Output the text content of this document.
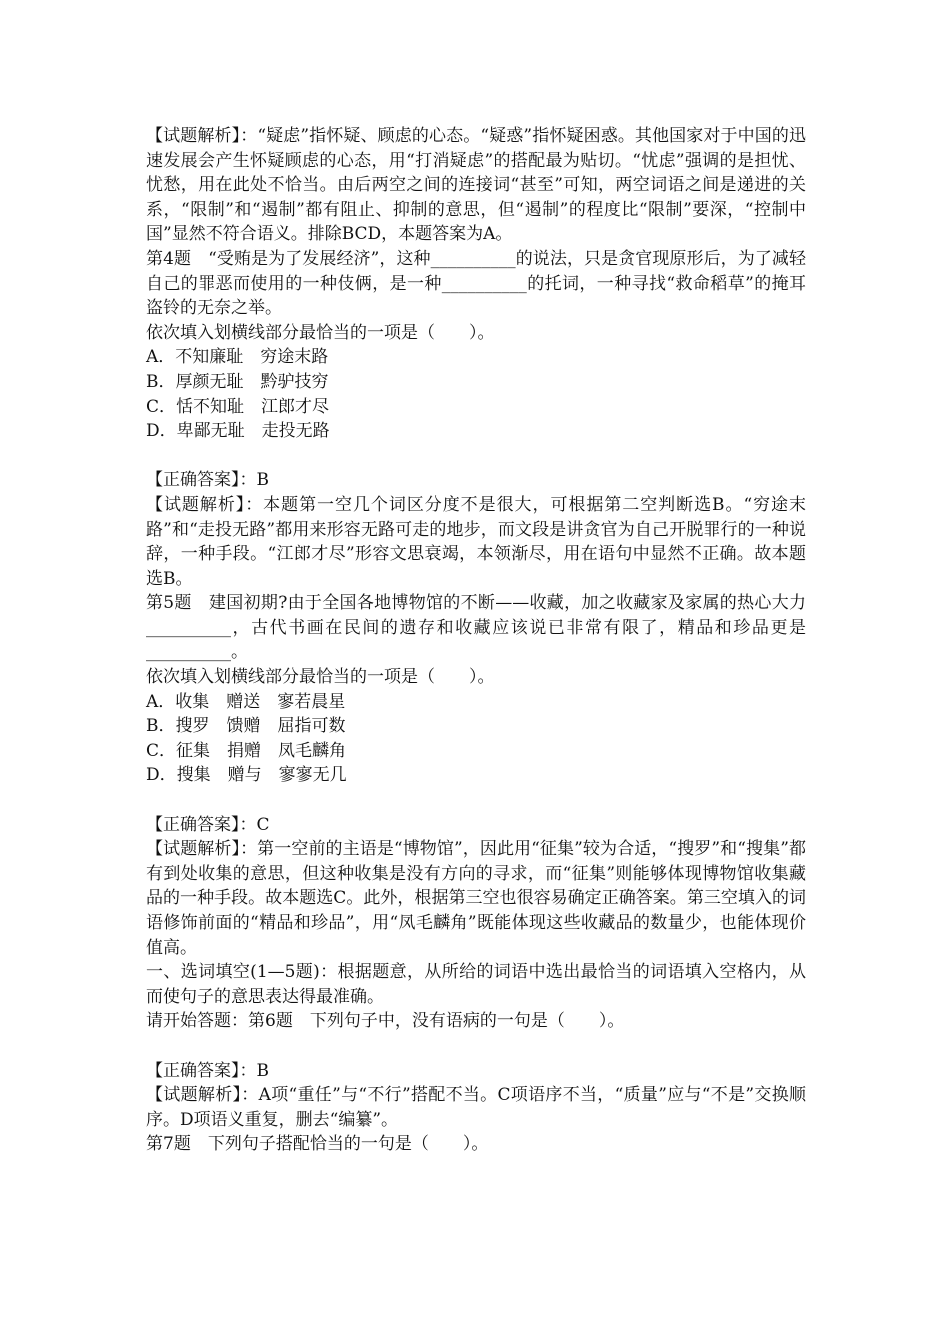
【试题解析】：“疑虑”指怀疑、顾虑的心态。“疑惑”指怀疑困惑。其他国家对于中国的迅速发展会产生怀疑顾虑的心态，用“打消疑虑”的搭配最为贴切。“忧虑”强调的是担忧、忧愁，用在此处不恰当。由后两空之间的连接词“甚至”可知，两空词语之间是递进的关系，“限制”和“遏制”都有阻止、抑制的意思，但“遏制”的程度比“限制”要深，“控制中国”显然不符合语义。排除BCD，本题答案为A。

第4题　“受贿是为了发展经济”，这种__________的说法，只是贪官现原形后，为了减轻自己的罪恶而使用的一种伎俩，是一种__________的托词，一种寻找“救命稻草”的掩耳盗铃的无奈之举。

依次填入划横线部分最恰当的一项是（　　）。

A．不知廉耻　穷途末路

B．厚颜无耻　黔驴技穷

C．恬不知耻　江郎才尽

D．卑鄙无耻　走投无路

【正确答案】：B

【试题解析】：本题第一空几个词区分度不是很大，可根据第二空判断选B。“穷途末路”和“走投无路”都用来形容无路可走的地步，而文段是讲贪官为自己开脱罪行的一种说辞，一种手段。“江郎才尽”形容文思衰竭，本领渐尽，用在语句中显然不正确。故本题选B。

第5题　建国初期?由于全国各地博物馆的不断——收藏，加之收藏家及家属的热心大力__________，古代书画在民间的遗存和收藏应该说已非常有限了，精品和珍品更是__________。

依次填入划横线部分最恰当的一项是（　　）。

A．收集　赠送　寥若晨星

B．搜罗　馈赠　屈指可数

C．征集　捐赠　凤毛麟角

D．搜集　赠与　寥寥无几

【正确答案】：C

【试题解析】：第一空前的主语是“博物馆”，因此用“征集”较为合适，“搜罗”和“搜集”都有到处收集的意思，但这种收集是没有方向的寻求，而“征集”则能够体现博物馆收集藏品的一种手段。故本题选C。此外，根据第三空也很容易确定正确答案。第三空填入的词语修饰前面的“精品和珍品”，用“凤毛麟角”既能体现这些收藏品的数量少，也能体现价值高。

一、选词填空(1—5题)：根据题意，从所给的词语中选出最恰当的词语填入空格内，从而使句子的意思表达得最准确。

请开始答题：第6题　下列句子中，没有语病的一句是（　　）。

【正确答案】：B

【试题解析】：A项“重任”与“不行”搭配不当。C项语序不当，“质量”应与“不是”交换顺序。D项语义重复，删去“编纂”。

第7题　下列句子搭配恰当的一句是（　　）。
